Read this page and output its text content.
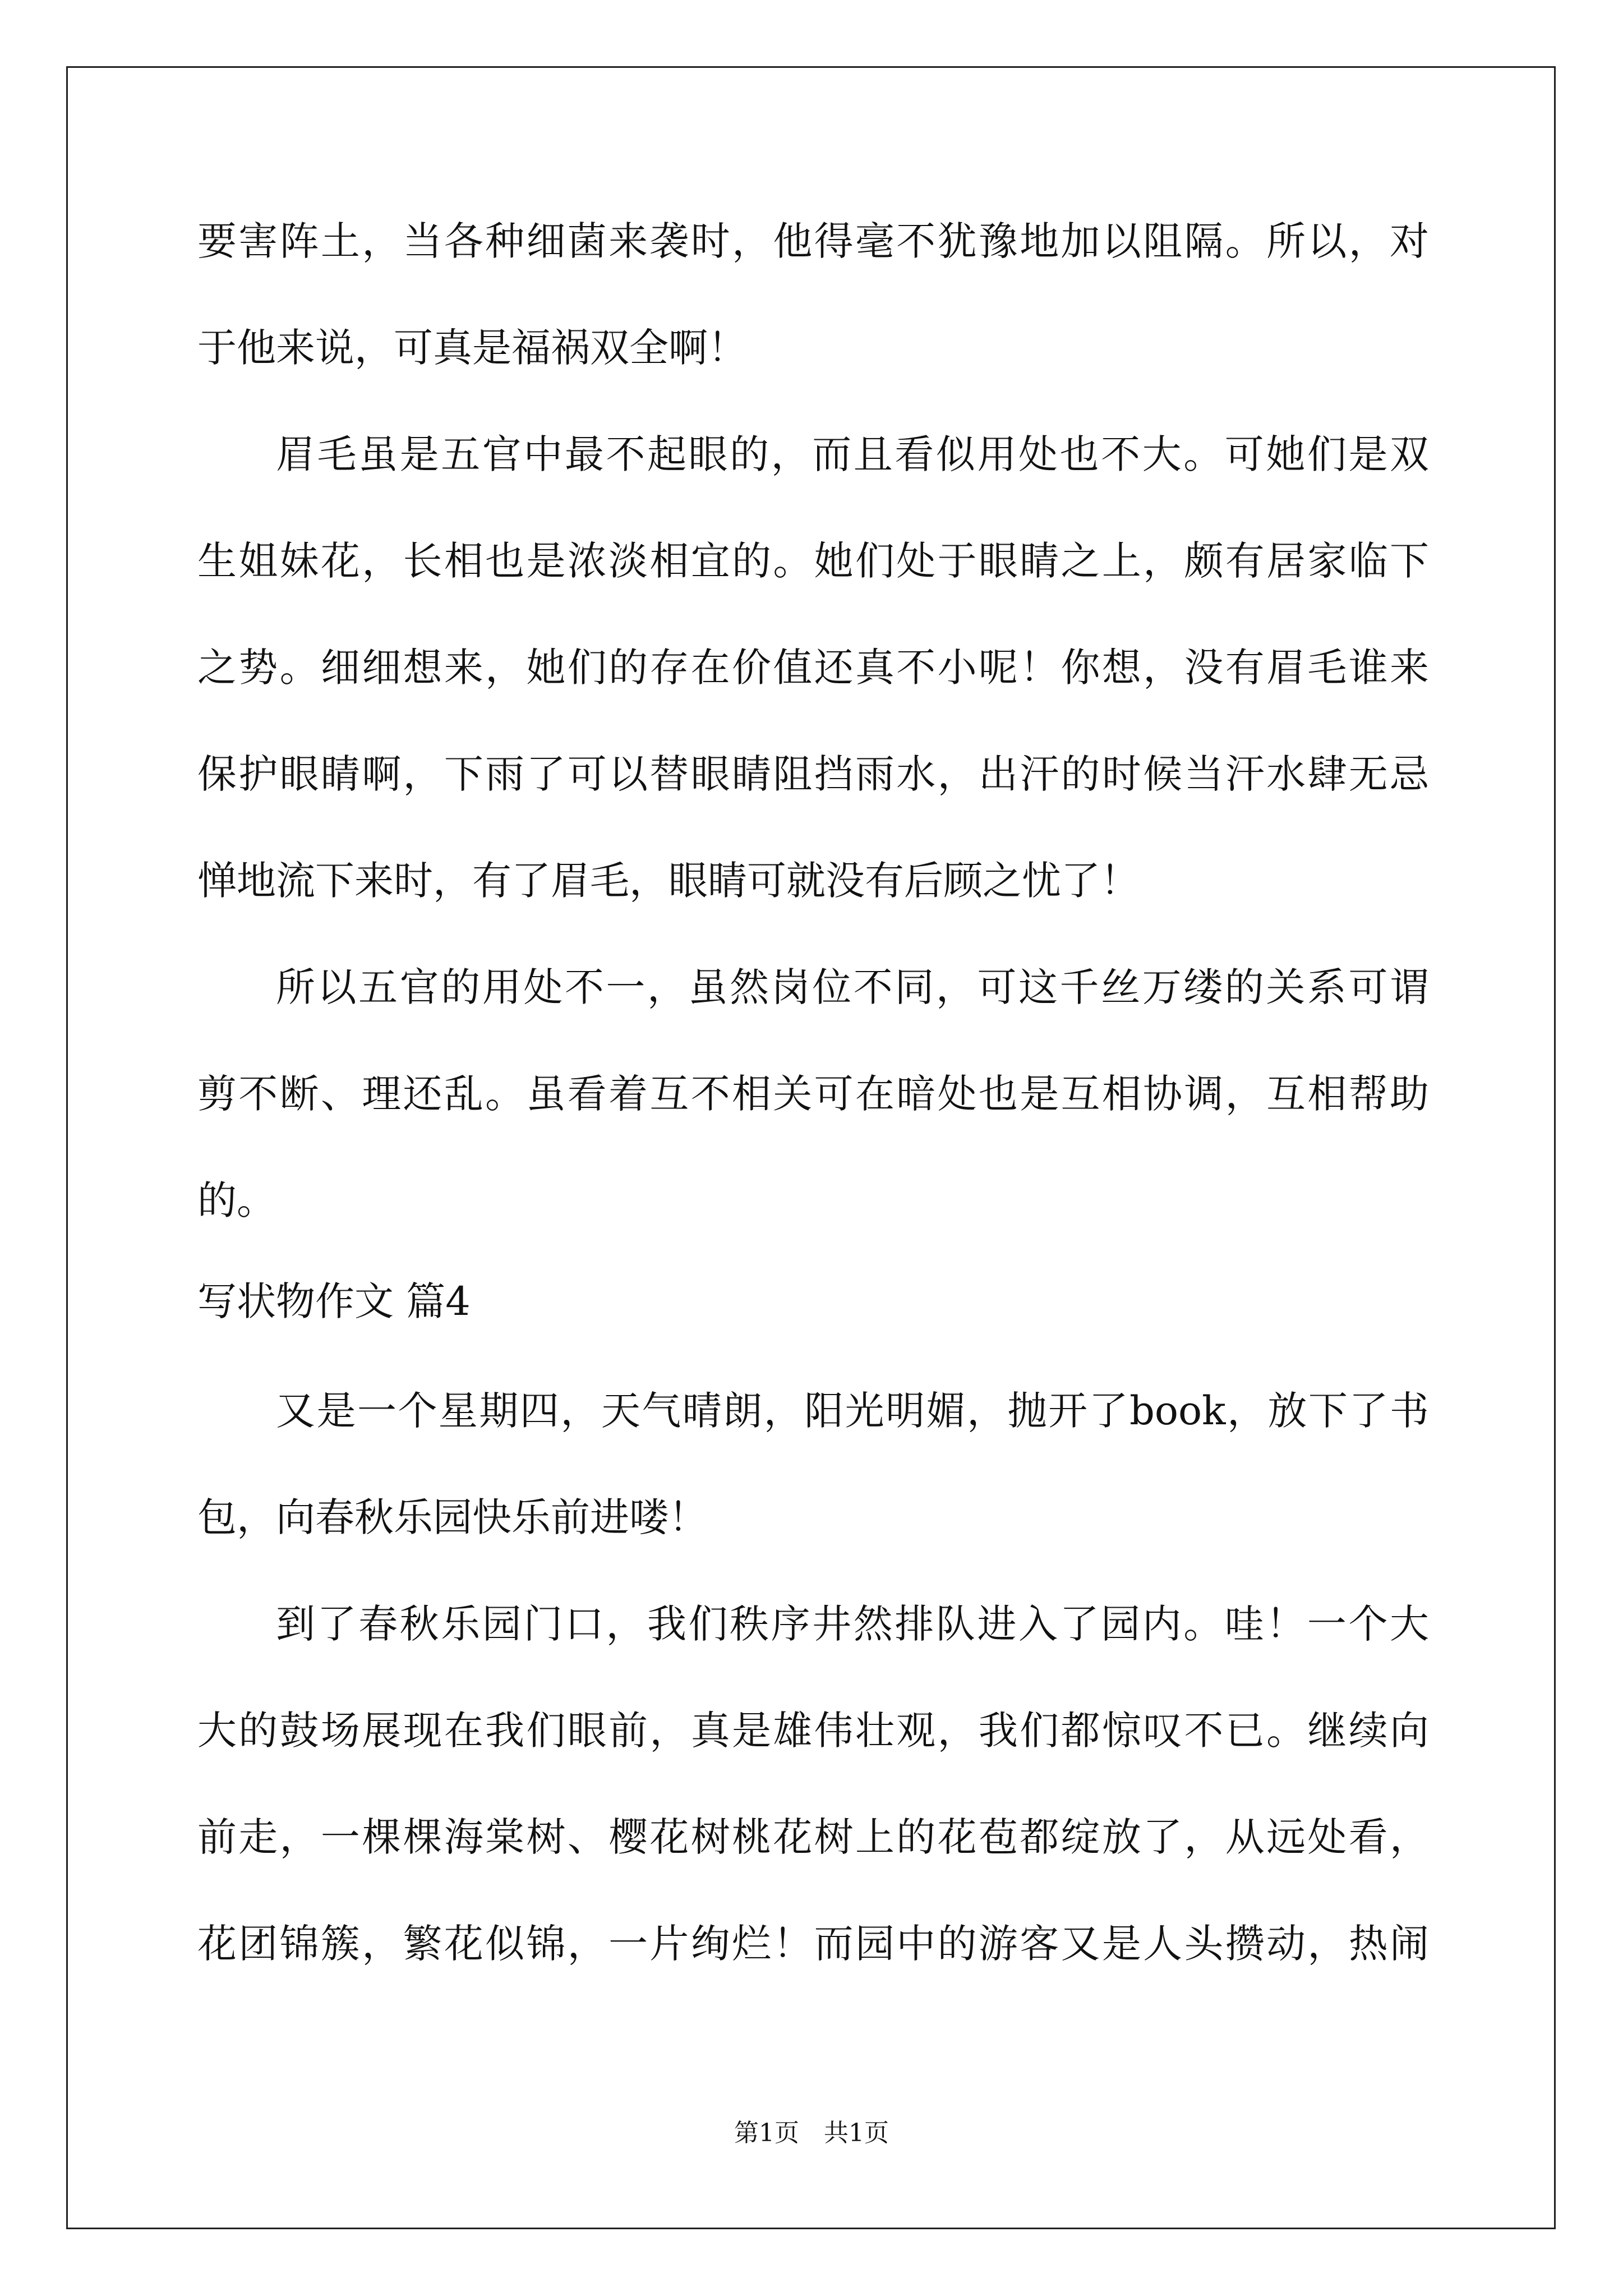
要害阵土，当各种细菌来袭时，他得毫不犹豫地加以阻隔。所以，对
于他来说，可真是福祸双全啊！
眉毛虽是五官中最不起眼的，而且看似用处也不大。可她们是双
生姐妹花，长相也是浓淡相宜的。她们处于眼睛之上，颇有居家临下
之势。细细想来，她们的存在价值还真不小呢！你想，没有眉毛谁来
保护眼睛啊，下雨了可以替眼睛阻挡雨水，出汗的时候当汗水肆无忌
惮地流下来时，有了眉毛，眼睛可就没有后顾之忧了！
所以五官的用处不一，虽然岗位不同，可这千丝万缕的关系可谓
剪不断、理还乱。虽看着互不相关可在暗处也是互相协调，互相帮助
的。
写状物作文 篇4
又是一个星期四，天气晴朗，阳光明媚，抛开了book，放下了书
包，向春秋乐园快乐前进喽！
到了春秋乐园门口，我们秩序井然排队进入了园内。哇！一个大
大的鼓场展现在我们眼前，真是雄伟壮观，我们都惊叹不已。继续向
前走，一棵棵海棠树、樱花树桃花树上的花苞都绽放了，从远处看，
花团锦簇，繁花似锦，一片绚烂！而园中的游客又是人头攒动，热闹
第1页　共1页
